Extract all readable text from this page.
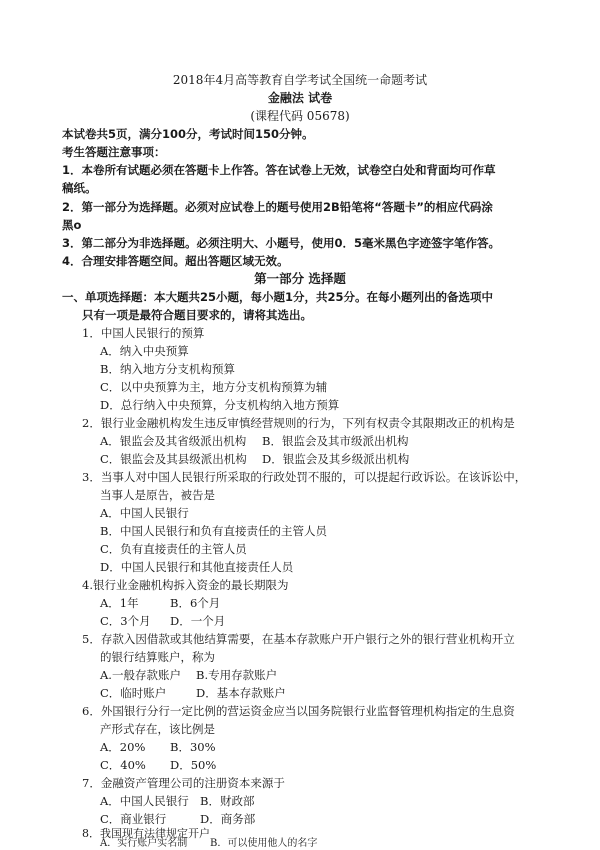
2018年4月高等教育自学考试全国统一命题考试
金融法 试卷
(课程代码 05678)
本试卷共5页，满分100分，考试时间150分钟。
考生答题注意事项：
1．本卷所有试题必须在答题卡上作答。答在试卷上无效，试卷空白处和背面均可作草
稿纸。
2．第一部分为选择题。必须对应试卷上的题号使用2B铅笔将“答题卡”的相应代码涂
黑o
3．第二部分为非选择题。必须注明大、小题号，使用0．5毫米黑色字迹签字笔作答。
4．合理安排答题空间。超出答题区域无效。
第一部分 选择题
一、单项选择题：本大题共25小题，每小题1分，共25分。在每小题列出的备选项中
只有一项是最符合题目要求的，请将其选出。
1．中国人民银行的预算
A．纳入中央预算
B．纳入地方分支机构预算
C．以中央预算为主，地方分支机构预算为辅
D．总行纳入中央预算，分支机构纳入地方预算
2．银行业金融机构发生违反审慎经营规则的行为，下列有权责令其限期改正的机构是
A．银监会及其省级派出机构 B．银监会及其市级派出机构
C．银监会及其县级派出机构 D．银监会及其乡级派出机构
3．当事人对中国人民银行所采取的行政处罚不服的，可以提起行政诉讼。在该诉讼中，
当事人是原告，被告是
A．中国人民银行
B．中国人民银行和负有直接责任的主管人员
C．负有直接责任的主管人员
D．中国人民银行和其他直接责任人员
4.银行业金融机构拆入资金的最长期限为
A．1年	B．6个月
C．3个月 D．一个月
5．存款入因借款或其他结算需要，在基本存款账户开户银行之外的银行营业机构开立
的银行结算账户，称为
A.一般存款账户 B.专用存款账户
C．临时账户	D．基本存款账户
6．外国银行分行一定比例的营运资金应当以国务院银行业监督管理机构指定的生息资
产形式存在，该比例是
A．20% B．30%
C．40% D．50%
7．金融资产管理公司的注册资本来源于
A．中国人民银行 B．财政部
C．商业银行	D．商务部
8．我国现有法律规定开户
A．实行账户实名制 B．可以使用他人的名字
